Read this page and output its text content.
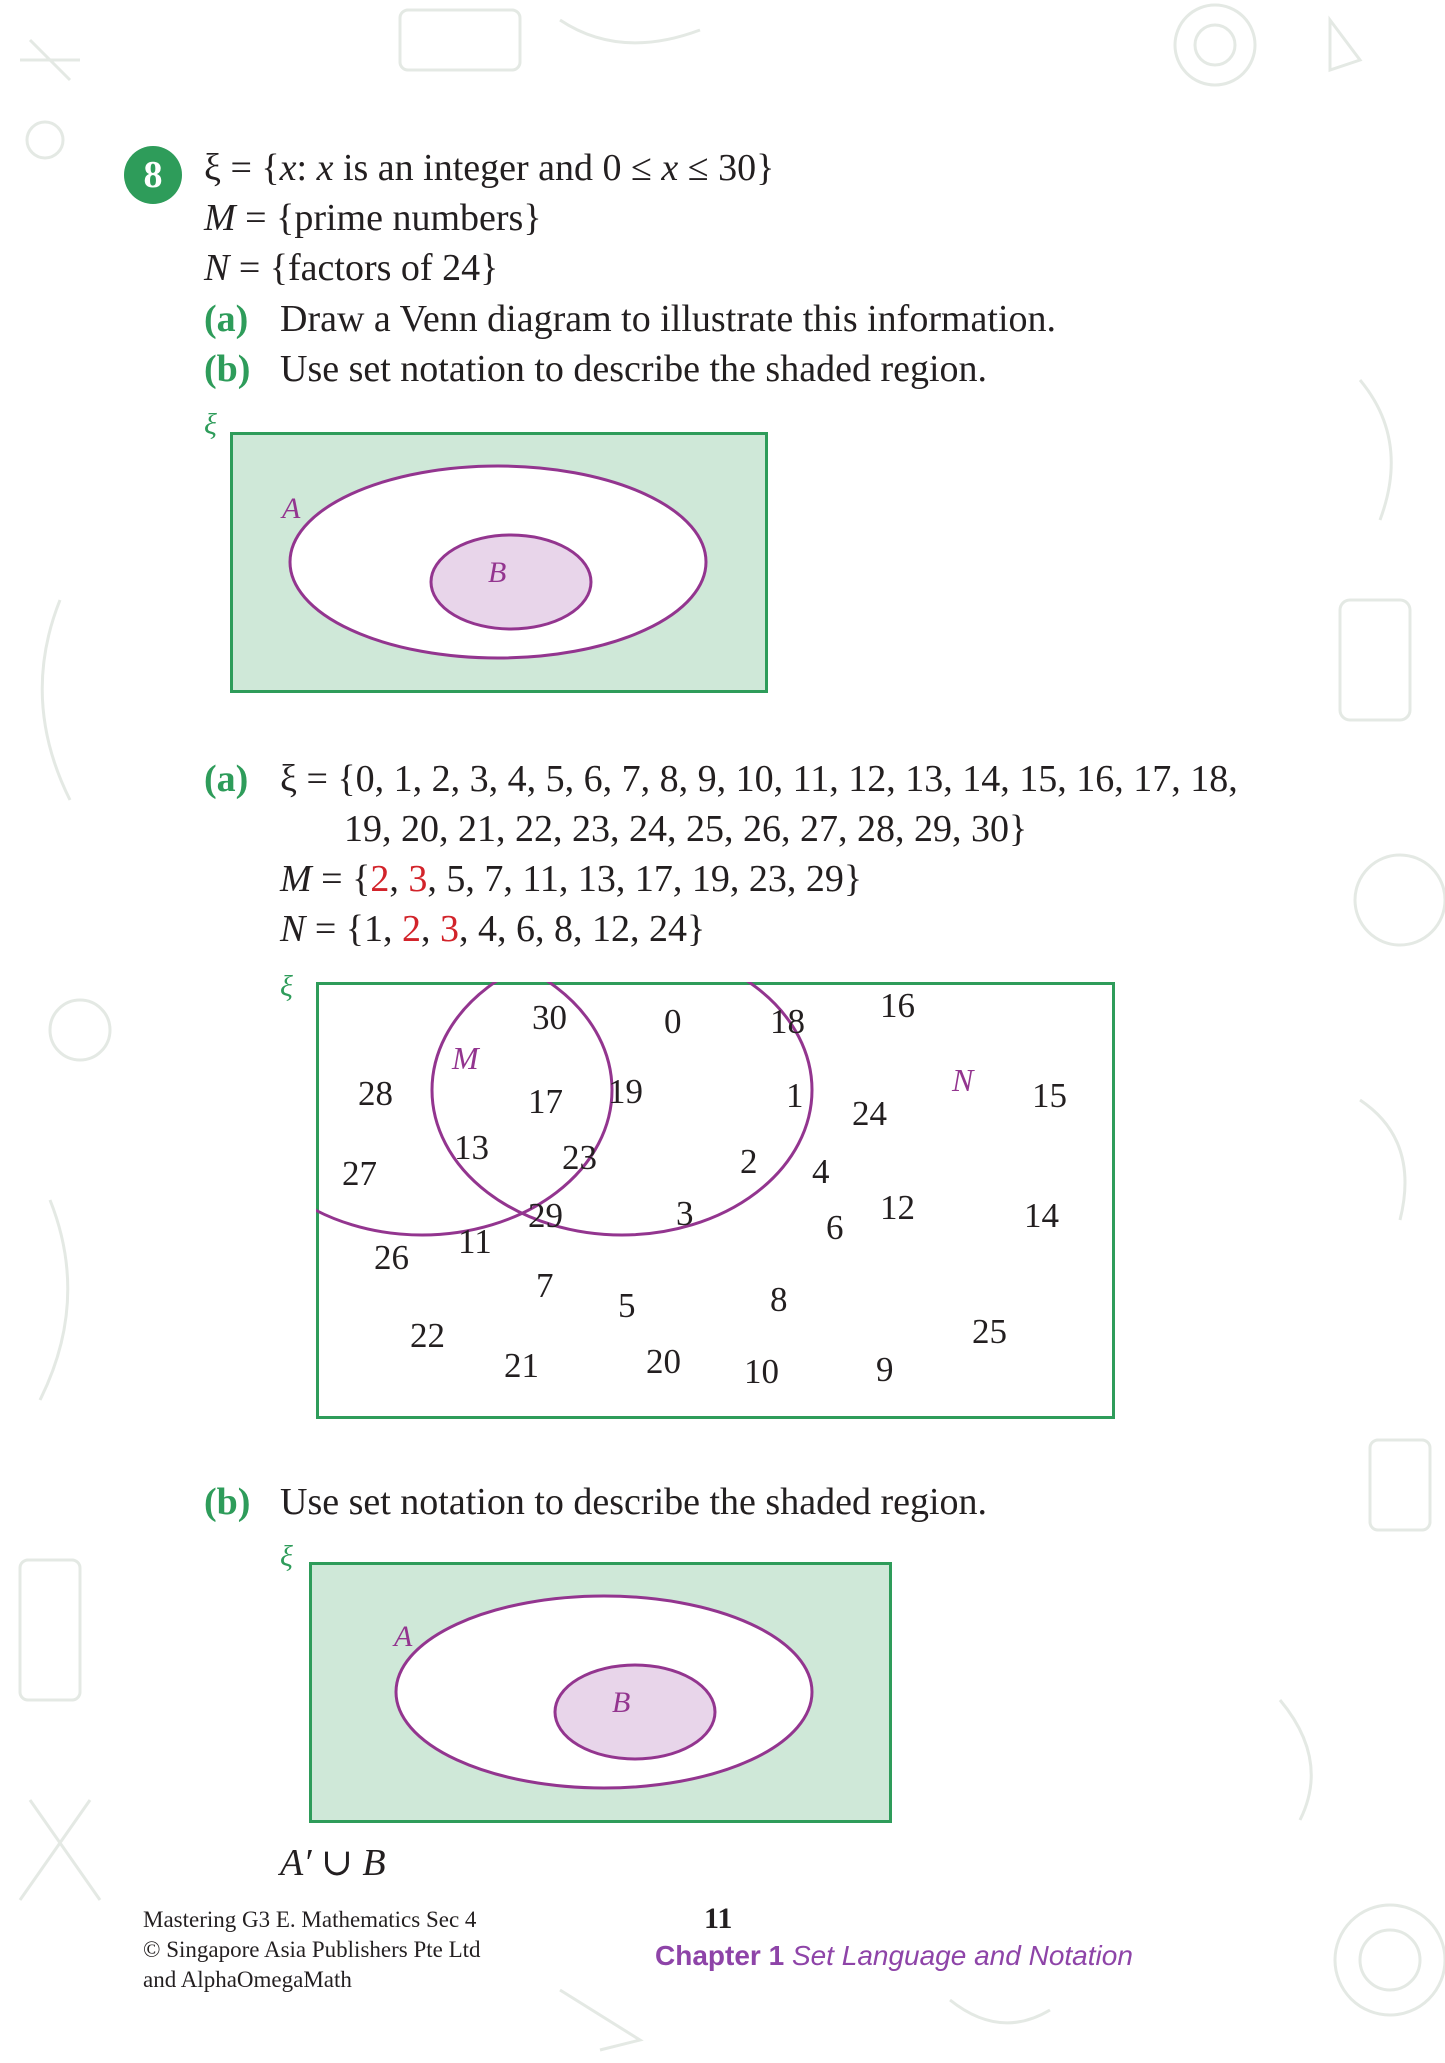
8	ξ = {x: x is an integer and 0 ≤ x ≤ 30}
M = {prime numbers}
N = {factors of 24}
(a) Draw a Venn diagram to illustrate this information.
(b) Use set notation to describe the shaded region.
ξ
A
B
(a) ξ = {0, 1, 2, 3, 4, 5, 6, 7, 8, 9, 10, 11, 12, 13, 14, 15, 16, 17, 18,
19, 20, 21, 22, 23, 24, 25, 26, 27, 28, 29, 30}
M = {2, 3, 5, 7, 11, 13, 17, 19, 23, 29}
N = {1, 2, 3, 4, 6, 8, 12, 24}
ξ
M
N
30	0	18 16
28	15
27
14
26
22	25
21	20 10	9
17 19
13 23
29
11
7
5
2
3
1 24
4
12
6
8
(b) Use set notation to describe the shaded region.
ξ
A
B
A′ ∪ B
Mastering G3 E. Mathematics Sec 4
© Singapore Asia Publishers Pte Ltd
and AlphaOmegaMath
11
Chapter 1 Set Language and Notation
